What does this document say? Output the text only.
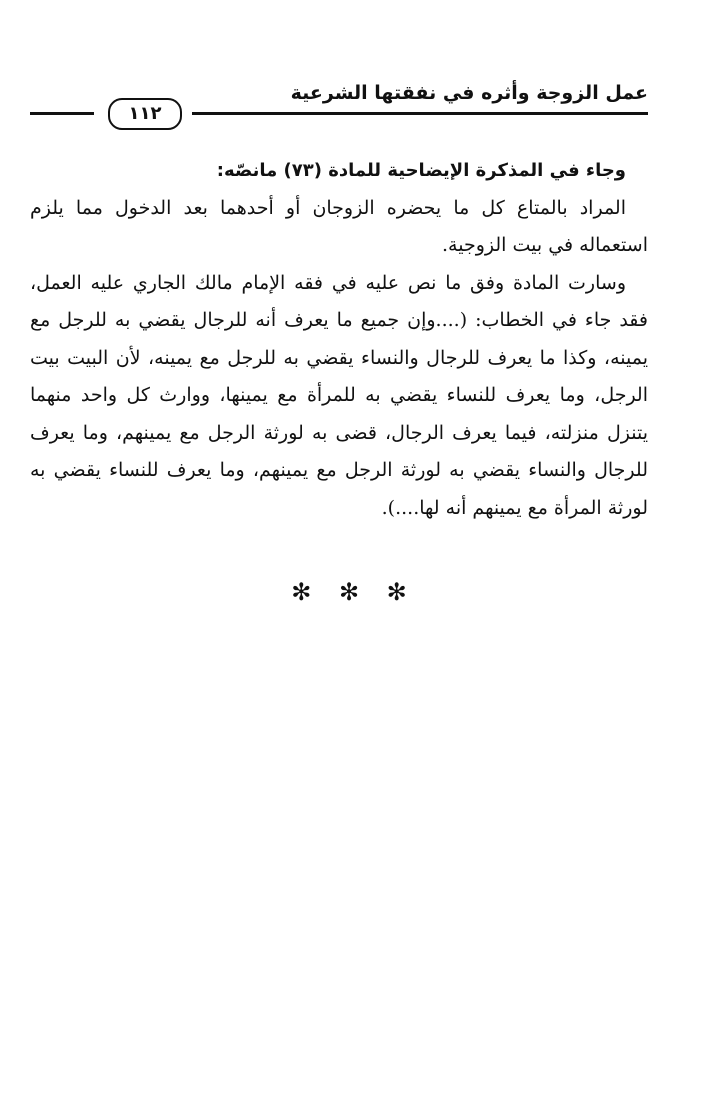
١١٢
عمل الزوجة وأثره في نفقتها الشرعية

وجاء في المذكرة الإيضاحية للمادة (٧٣) مانصّه:

المراد بالمتاع كل ما يحضره الزوجان أو أحدهما بعد الدخول مما يلزم استعماله في بيت الزوجية.

وسارت المادة وفق ما نص عليه في فقه الإمام مالك الجاري عليه العمل، فقد جاء في الخطاب: (....وإن جميع ما يعرف أنه للرجال يقضي به للرجل مع يمينه، وكذا ما يعرف للرجال والنساء يقضي به للرجل مع يمينه، لأن البيت بيت الرجل، وما يعرف للنساء يقضي به للمرأة مع يمينها، ووارث كل واحد منهما يتنزل منزلته، فيما يعرف الرجال، قضى به لورثة الرجل مع يمينهم، وما يعرف للرجال والنساء يقضي به لورثة الرجل مع يمينهم، وما يعرف للنساء يقضي به لورثة المرأة مع يمينهم أنه لها....).

✻ ✻ ✻
